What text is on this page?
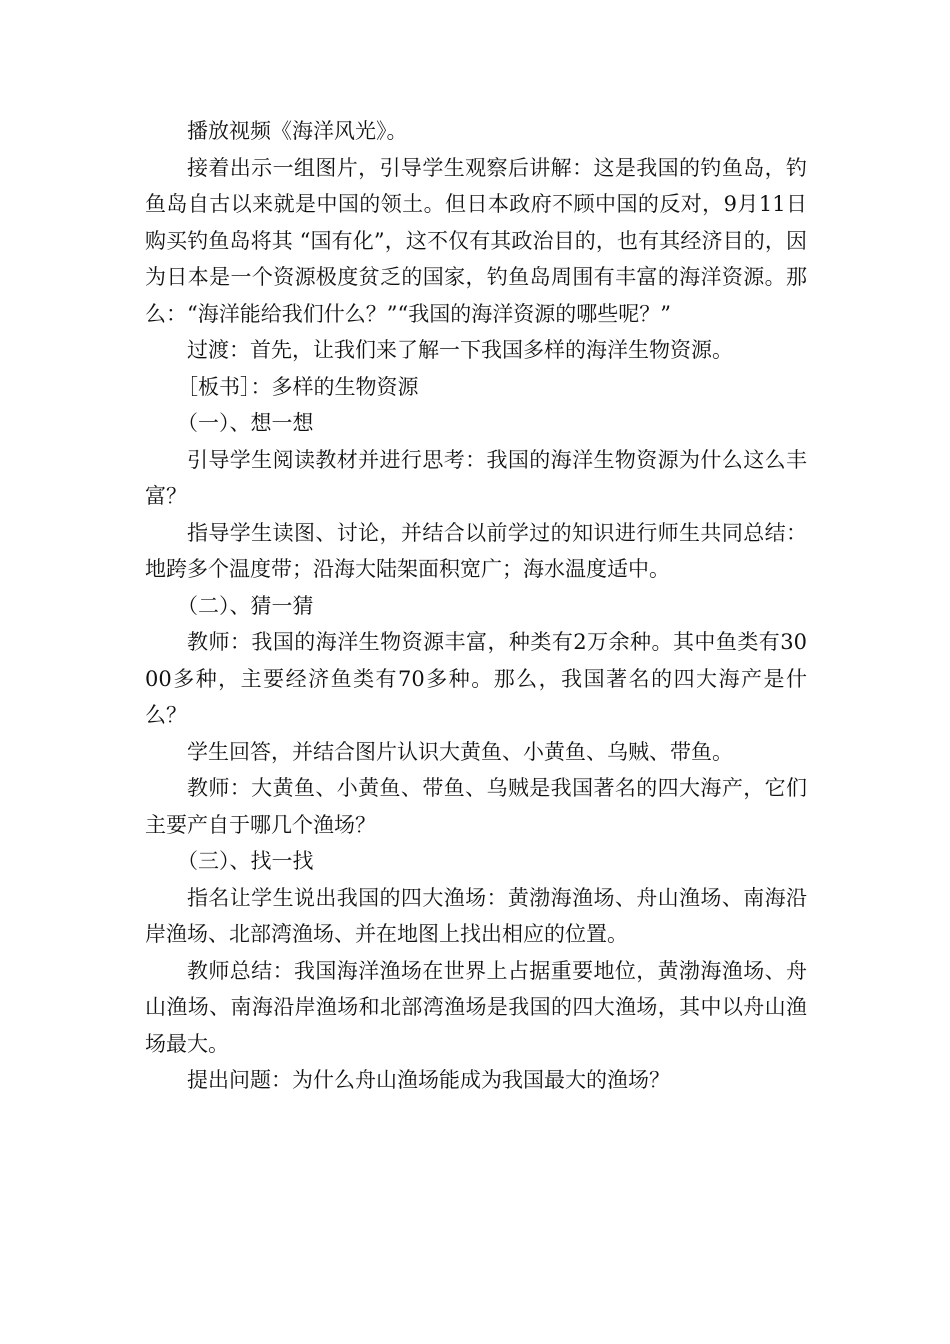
播放视频《海洋风光》。

接着出示一组图片，引导学生观察后讲解：这是我国的钓鱼岛，钓鱼岛自古以来就是中国的领土。但日本政府不顾中国的反对，9月11日购买钓鱼岛将其 “国有化”，这不仅有其政治目的，也有其经济目的，因为日本是一个资源极度贫乏的国家，钓鱼岛周围有丰富的海洋资源。那么：“海洋能给我们什么？”“我国的海洋资源的哪些呢？”

过渡：首先，让我们来了解一下我国多样的海洋生物资源。

［板书］：多样的生物资源

（一）、想一想

引导学生阅读教材并进行思考：我国的海洋生物资源为什么这么丰富？

指导学生读图、讨论，并结合以前学过的知识进行师生共同总结：地跨多个温度带；沿海大陆架面积宽广；海水温度适中。

（二）、猜一猜

教师：我国的海洋生物资源丰富，种类有2万余种。其中鱼类有3000多种，主要经济鱼类有70多种。那么，我国著名的四大海产是什么？

学生回答，并结合图片认识大黄鱼、小黄鱼、乌贼、带鱼。

教师：大黄鱼、小黄鱼、带鱼、乌贼是我国著名的四大海产，它们主要产自于哪几个渔场？

（三）、找一找

指名让学生说出我国的四大渔场：黄渤海渔场、舟山渔场、南海沿岸渔场、北部湾渔场、并在地图上找出相应的位置。

教师总结：我国海洋渔场在世界上占据重要地位，黄渤海渔场、舟山渔场、南海沿岸渔场和北部湾渔场是我国的四大渔场，其中以舟山渔场最大。

提出问题：为什么舟山渔场能成为我国最大的渔场？
